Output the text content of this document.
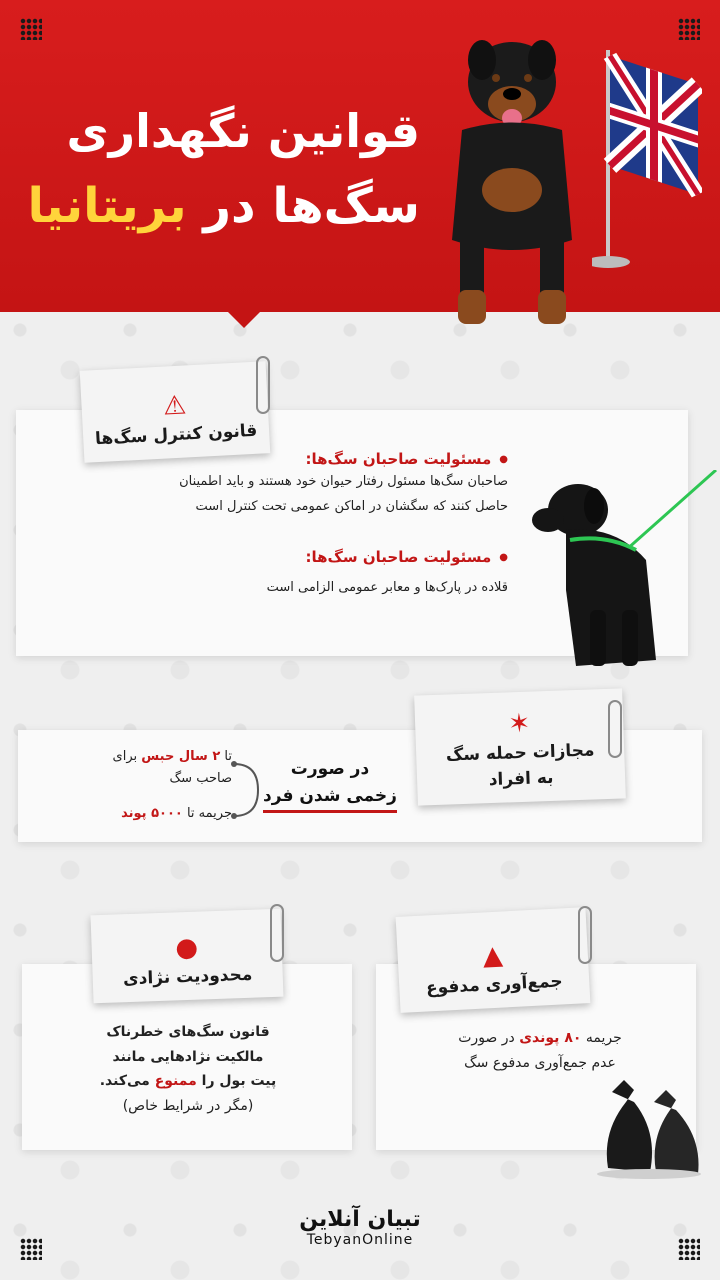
قوانین نگهداری
سگ‌ها در بریتانیا
⚠
قانون کنترل سگ‌ها
● مسئولیت صاحبان سگ‌ها:
صاحبان سگ‌ها مسئول رفتار حیوان خود هستند و باید اطمینان
حاصل کنند که سگشان در اماکن عمومی تحت کنترل است
● مسئولیت صاحبان سگ‌ها:
قلاده در پارک‌ها و معابر عمومی الزامی است
✶
مجازات حمله سگ
به افراد
در صورت
زخمی شدن فرد
تا ۲ سال حبس برای
صاحب سگ
جریمه تا ۵۰۰۰ پوند
●
محدودیت نژادی
قانون سگ‌های خطرناک
مالکیت نژادهایی مانند
پیت بول را ممنوع می‌کند.
(مگر در شرایط خاص)
▲
جمع‌آوری مدفوع
جریمه ۸۰ پوندی در صورت
عدم جمع‌آوری مدفوع سگ
تبیان آنلاین
TebyanOnline
